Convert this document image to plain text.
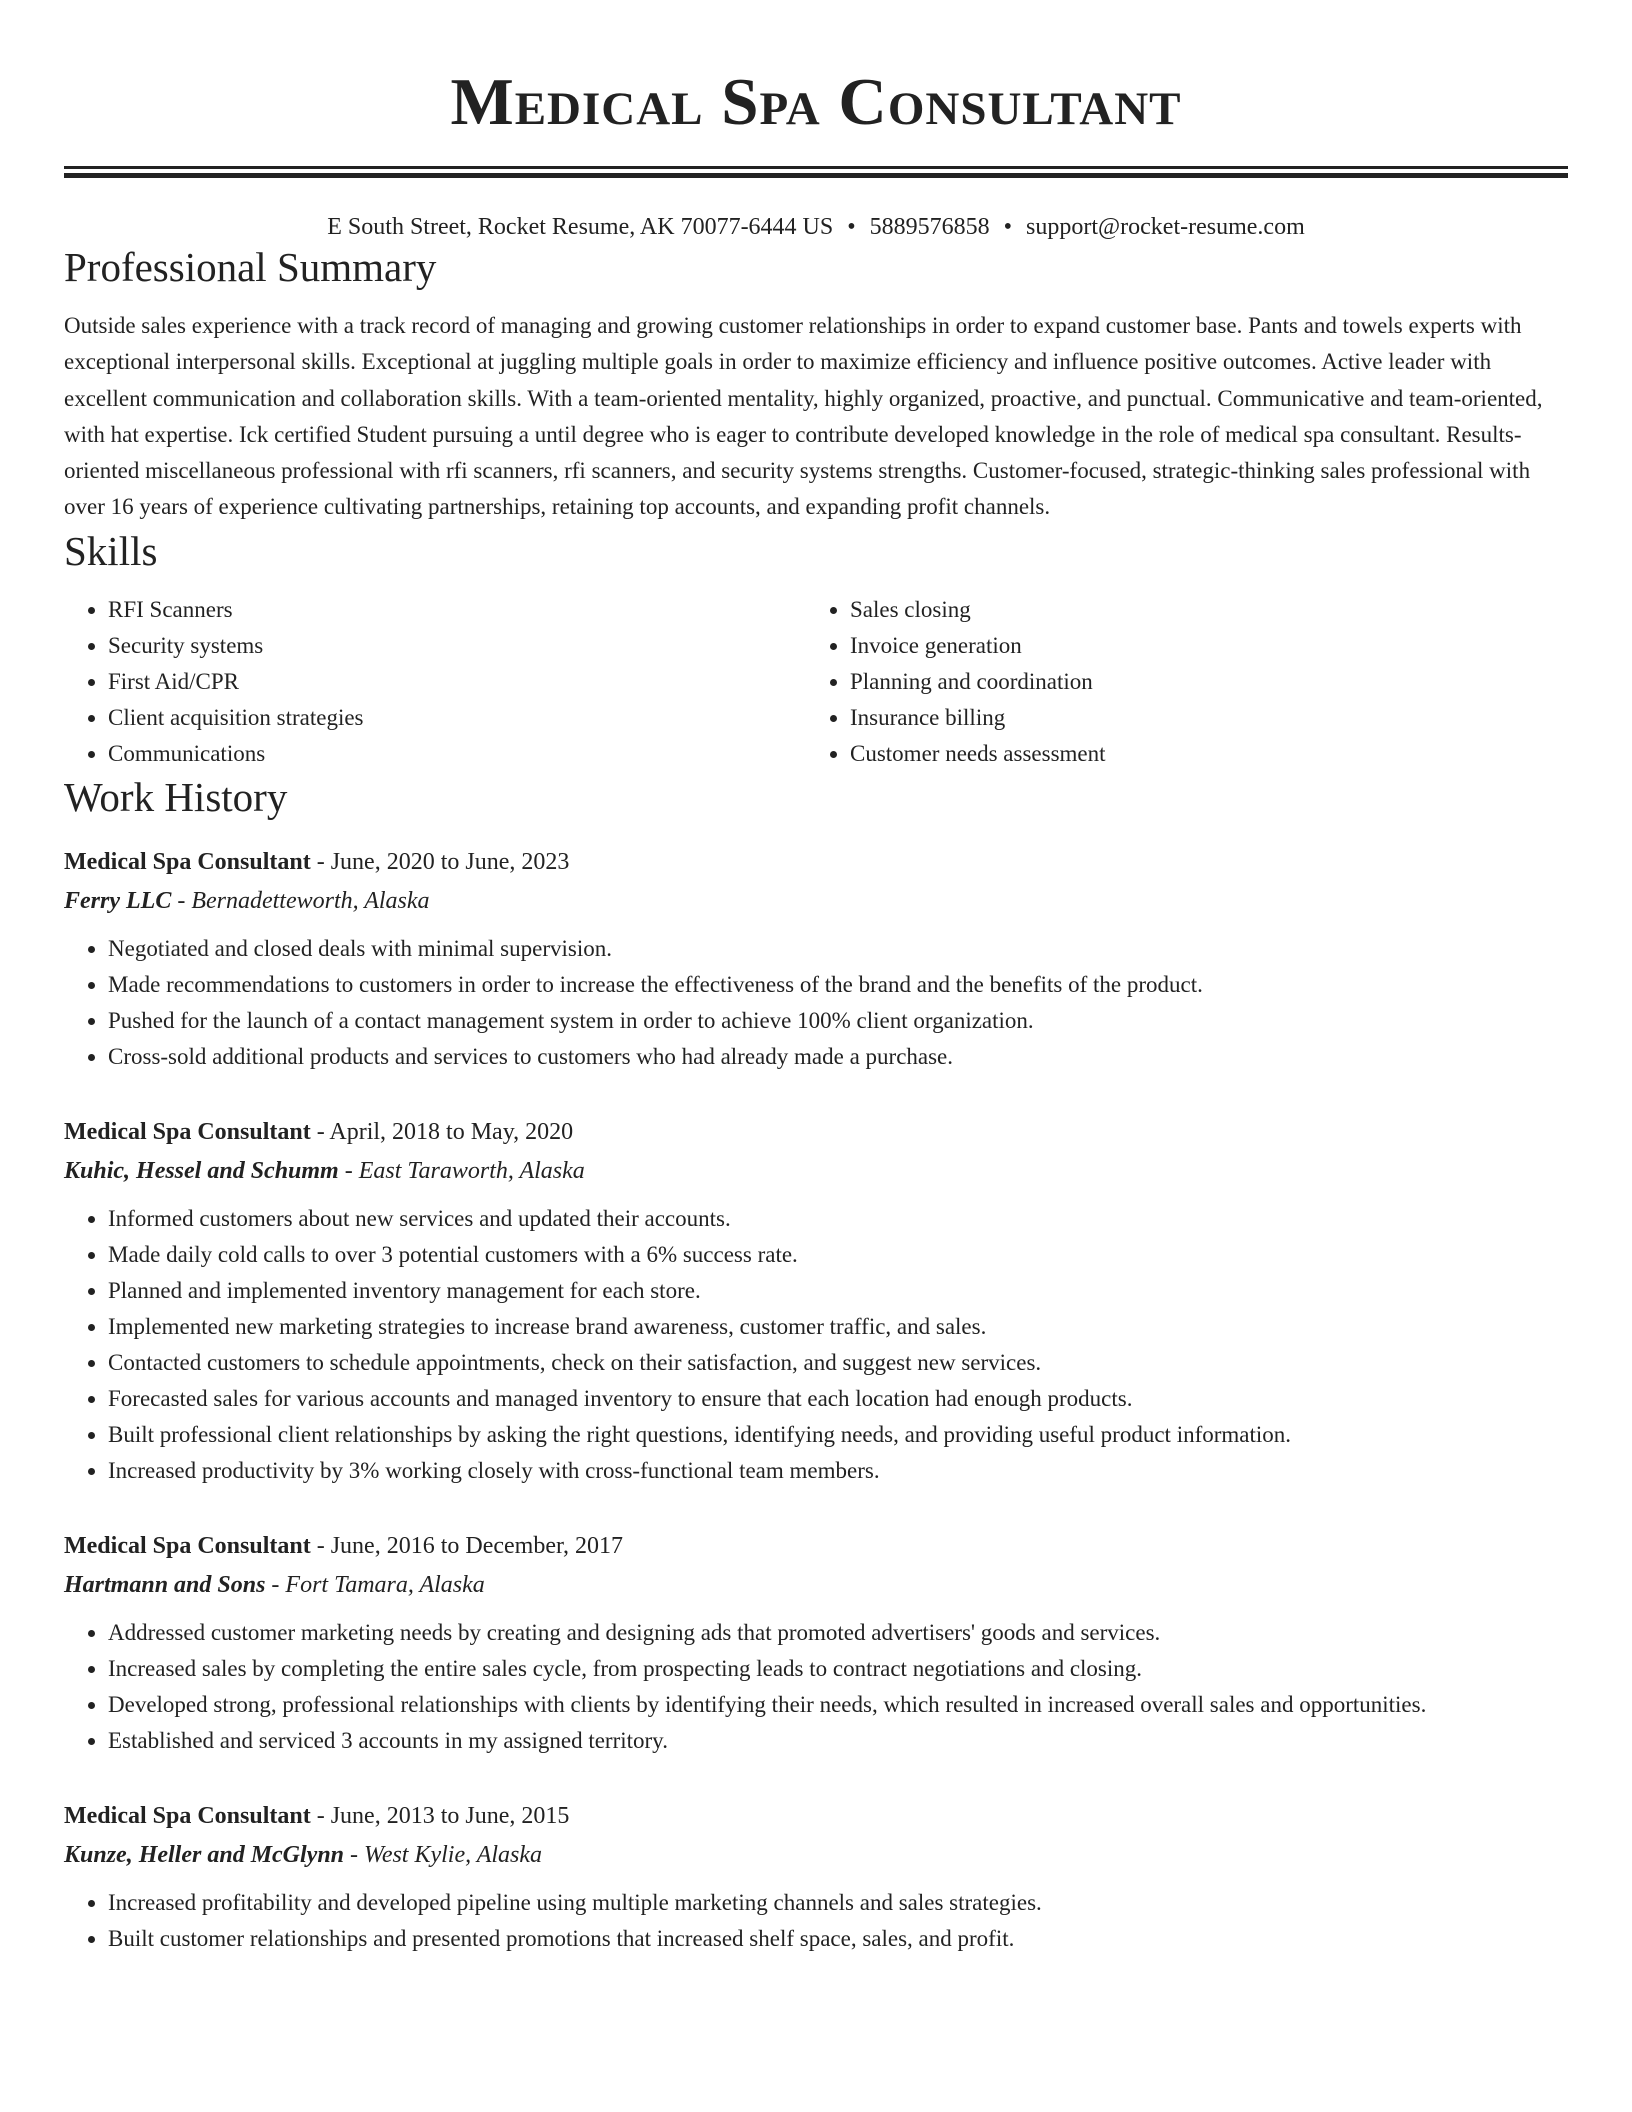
Medical Spa Consultant
E South Street, Rocket Resume, AK 70077-6444 US • 5889576858 • support@rocket-resume.com
Professional Summary
Outside sales experience with a track record of managing and growing customer relationships in order to expand customer base. Pants and towels experts with exceptional interpersonal skills. Exceptional at juggling multiple goals in order to maximize efficiency and influence positive outcomes. Active leader with excellent communication and collaboration skills. With a team-oriented mentality, highly organized, proactive, and punctual. Communicative and team-oriented, with hat expertise. Ick certified Student pursuing a until degree who is eager to contribute developed knowledge in the role of medical spa consultant. Results-oriented miscellaneous professional with rfi scanners, rfi scanners, and security systems strengths. Customer-focused, strategic-thinking sales professional with over 16 years of experience cultivating partnerships, retaining top accounts, and expanding profit channels.
Skills
• RFI Scanners
• Security systems
• First Aid/CPR
• Client acquisition strategies
• Communications
• Sales closing
• Invoice generation
• Planning and coordination
• Insurance billing
• Customer needs assessment
Work History
Medical Spa Consultant - June, 2020 to June, 2023
Ferry LLC - Bernadetteworth, Alaska
• Negotiated and closed deals with minimal supervision.
• Made recommendations to customers in order to increase the effectiveness of the brand and the benefits of the product.
• Pushed for the launch of a contact management system in order to achieve 100% client organization.
• Cross-sold additional products and services to customers who had already made a purchase.
Medical Spa Consultant - April, 2018 to May, 2020
Kuhic, Hessel and Schumm - East Taraworth, Alaska
• Informed customers about new services and updated their accounts.
• Made daily cold calls to over 3 potential customers with a 6% success rate.
• Planned and implemented inventory management for each store.
• Implemented new marketing strategies to increase brand awareness, customer traffic, and sales.
• Contacted customers to schedule appointments, check on their satisfaction, and suggest new services.
• Forecasted sales for various accounts and managed inventory to ensure that each location had enough products.
• Built professional client relationships by asking the right questions, identifying needs, and providing useful product information.
• Increased productivity by 3% working closely with cross-functional team members.
Medical Spa Consultant - June, 2016 to December, 2017
Hartmann and Sons - Fort Tamara, Alaska
• Addressed customer marketing needs by creating and designing ads that promoted advertisers' goods and services.
• Increased sales by completing the entire sales cycle, from prospecting leads to contract negotiations and closing.
• Developed strong, professional relationships with clients by identifying their needs, which resulted in increased overall sales and opportunities.
• Established and serviced 3 accounts in my assigned territory.
Medical Spa Consultant - June, 2013 to June, 2015
Kunze, Heller and McGlynn - West Kylie, Alaska
• Increased profitability and developed pipeline using multiple marketing channels and sales strategies.
• Built customer relationships and presented promotions that increased shelf space, sales, and profit.
